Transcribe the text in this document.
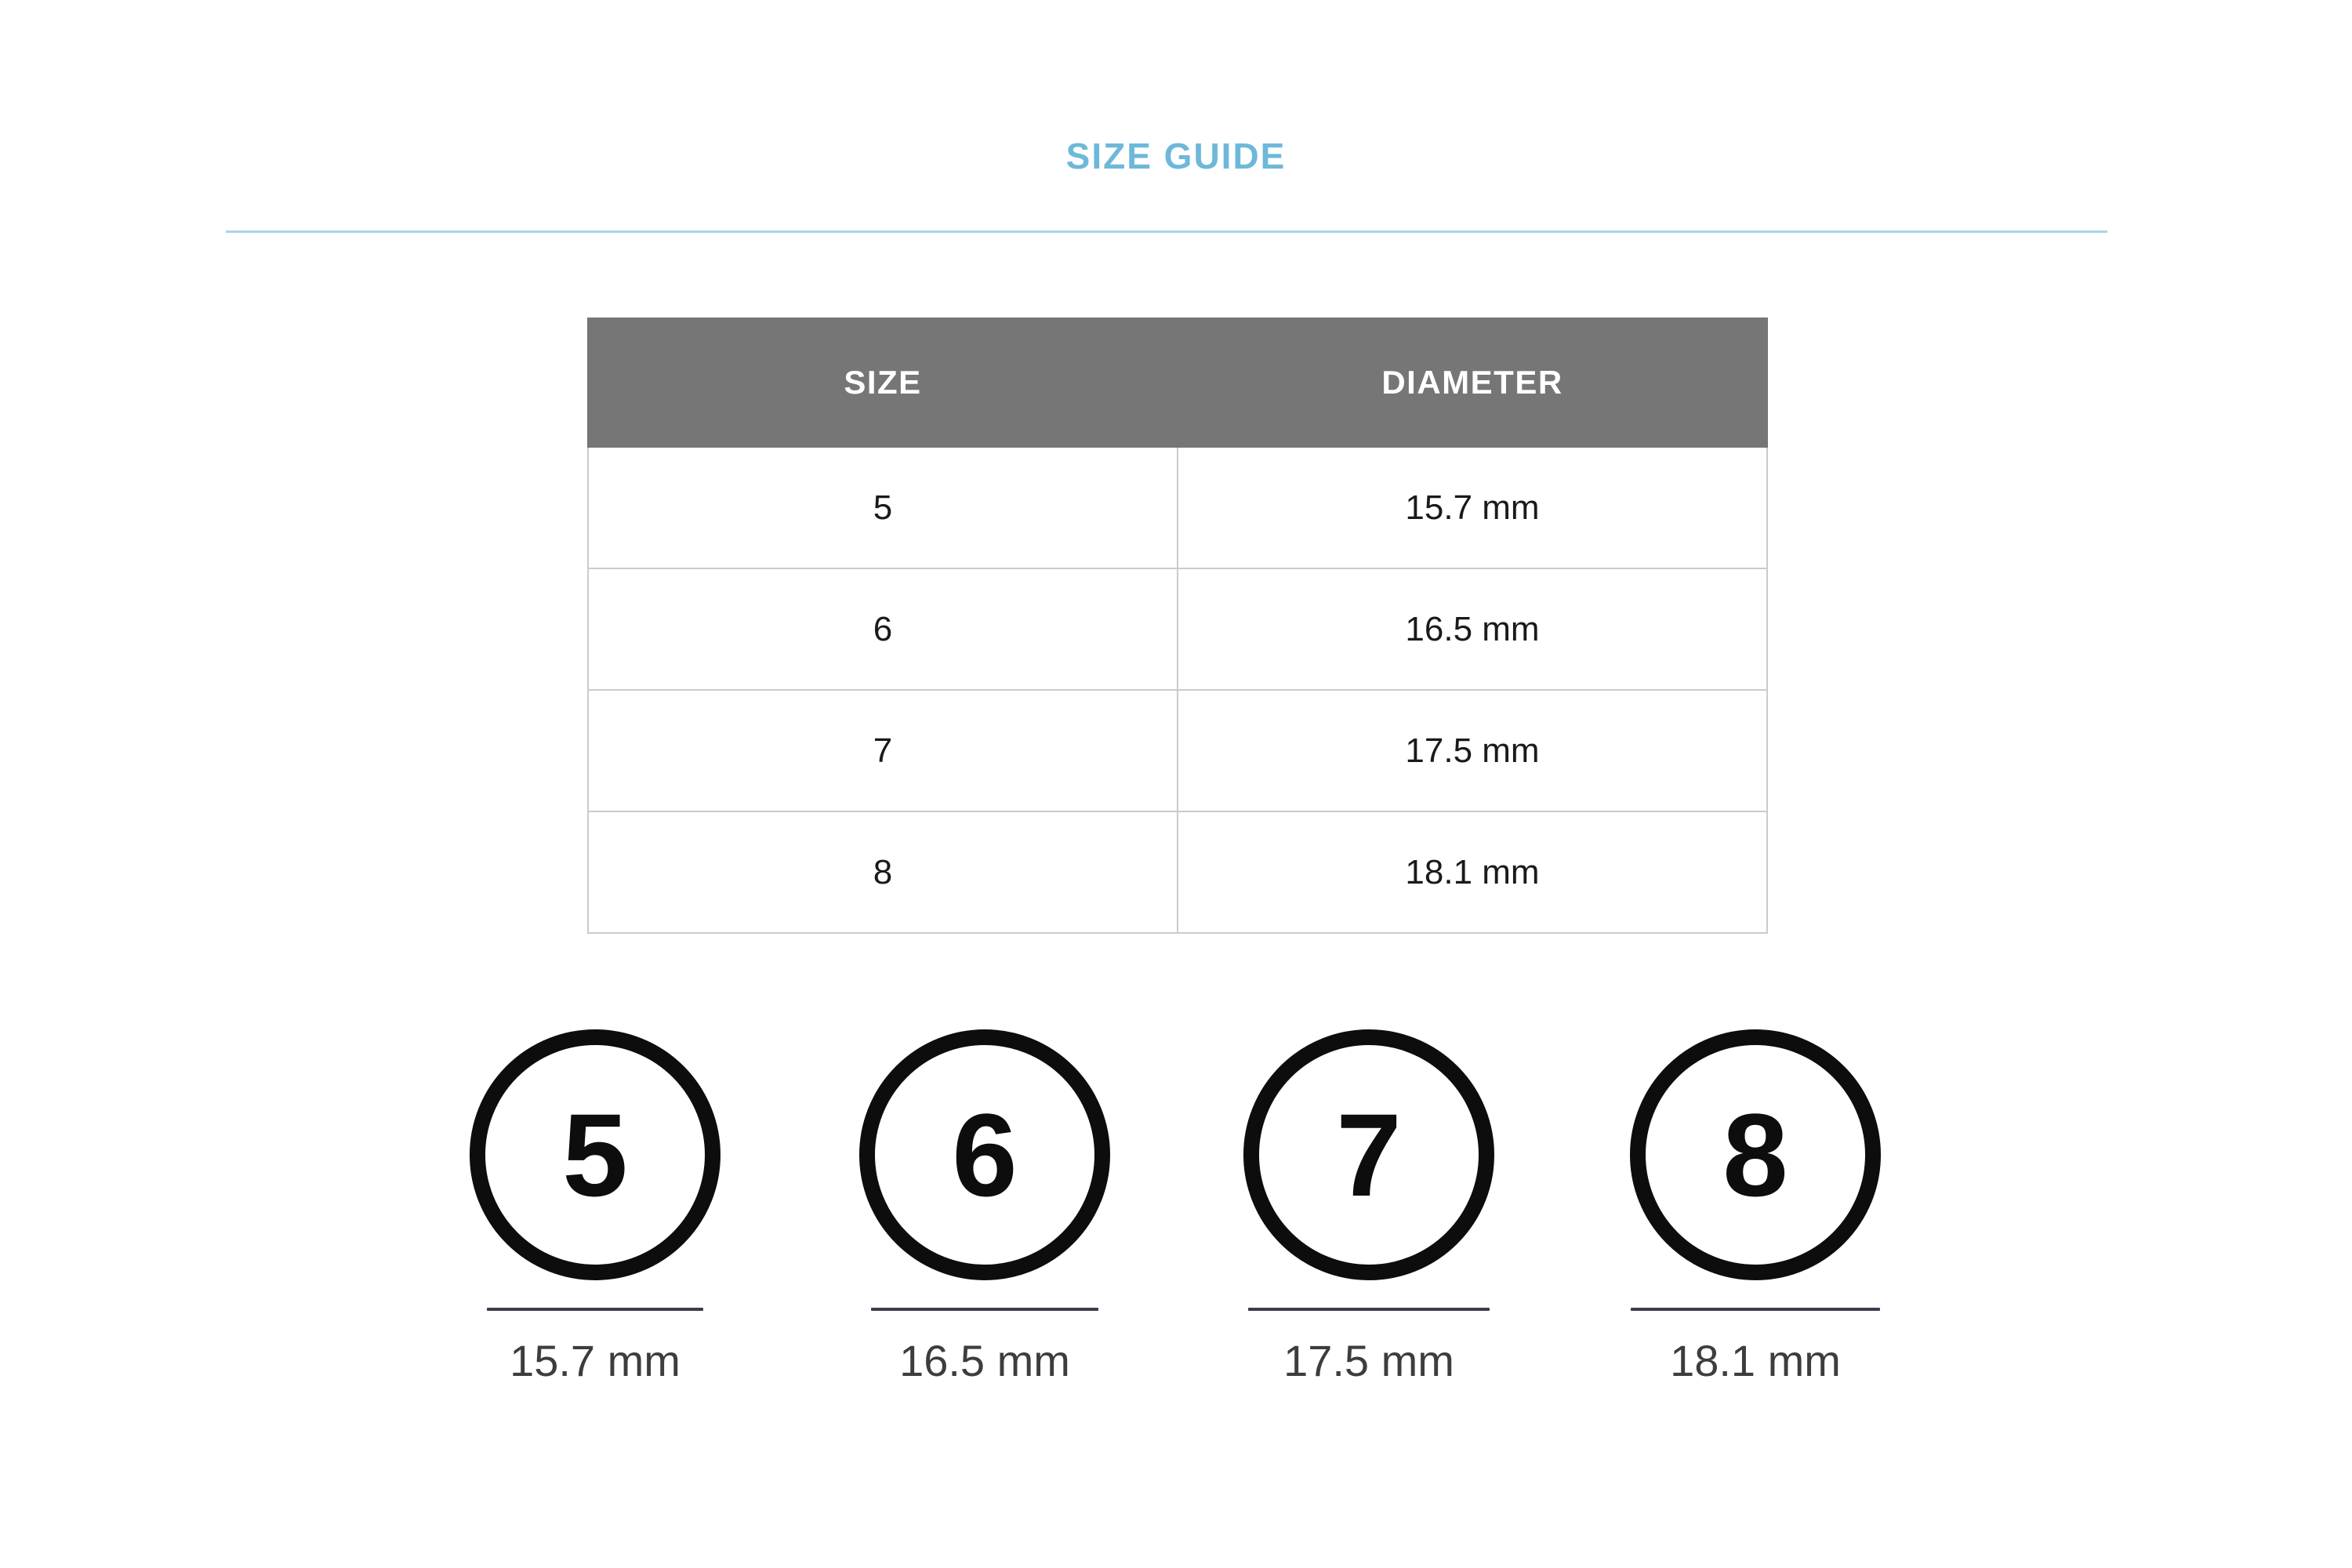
SIZE GUIDE
SIZE	DIAMETER
5	15.7 mm
6	16.5 mm
7	17.5 mm
8	18.1 mm
5
15.7 mm
6
16.5 mm
7
17.5 mm
8
18.1 mm
